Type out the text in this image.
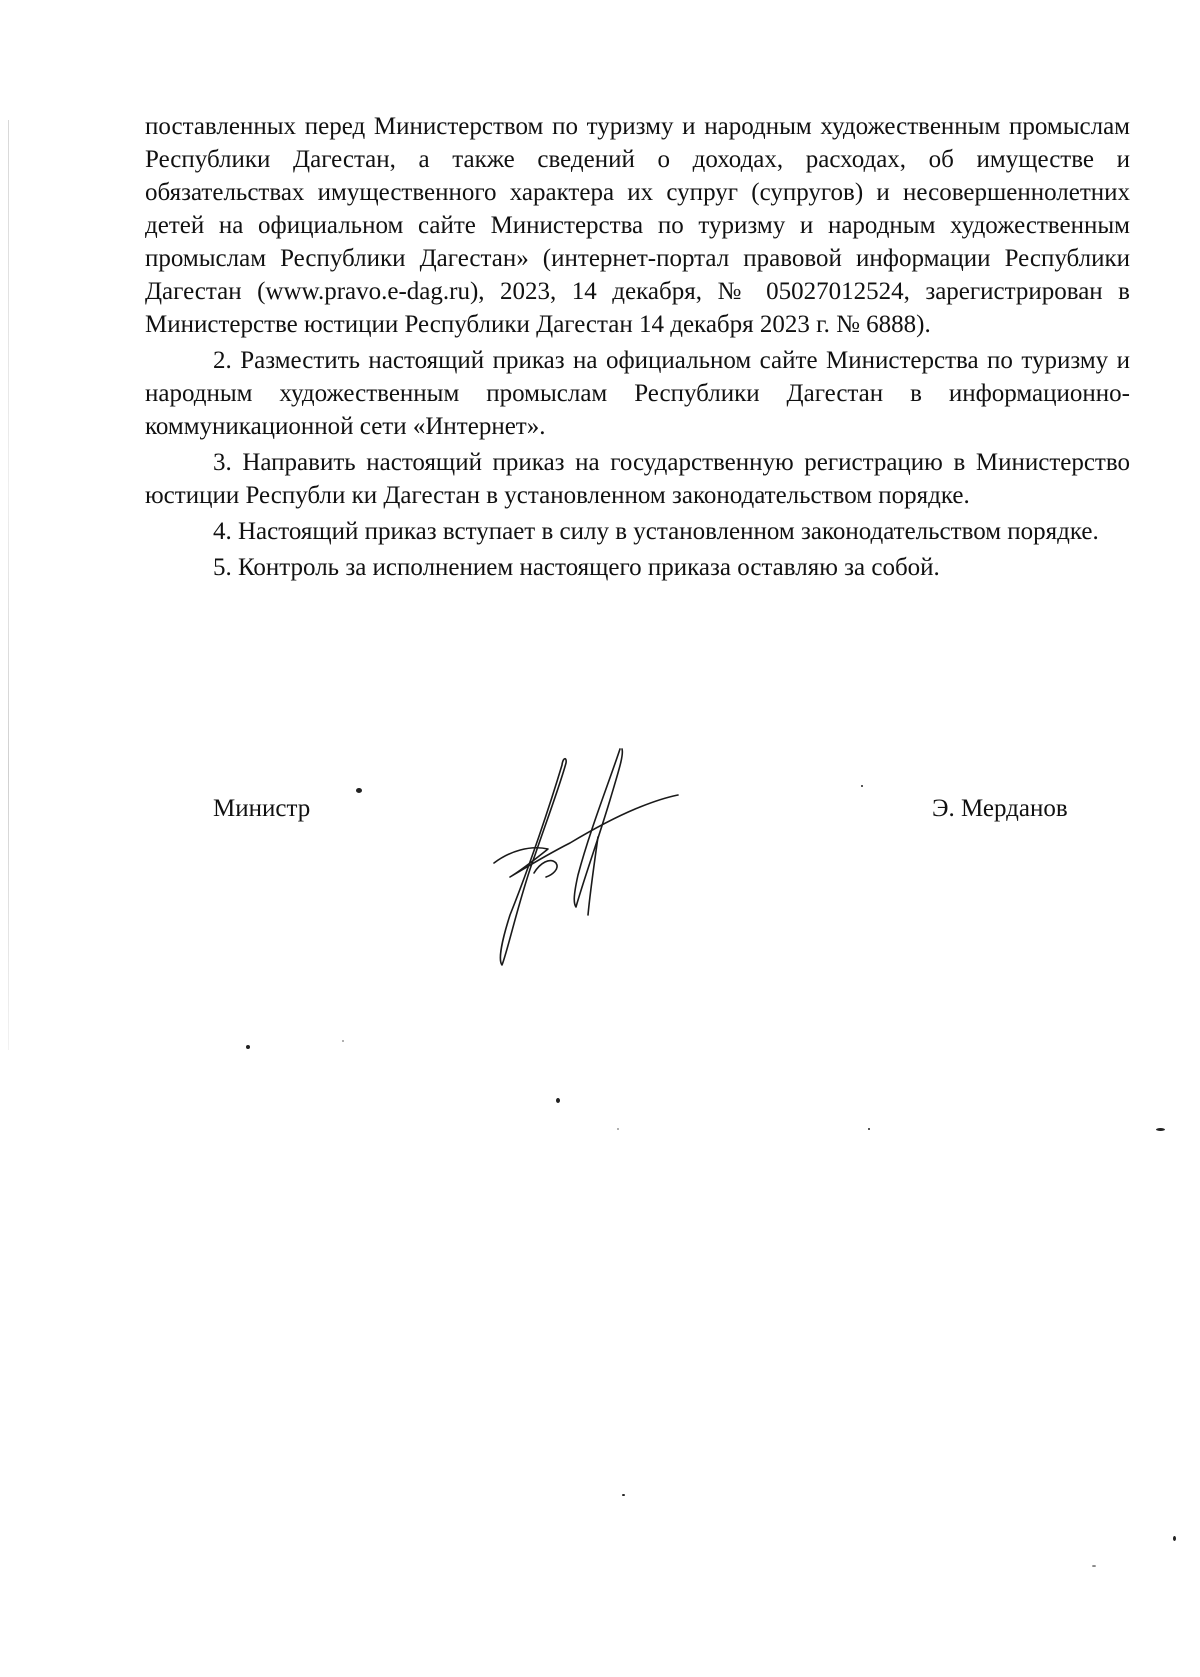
поставленных перед Министерством по туризму и народным художественным промыслам Республики Дагестан, а также сведений о доходах, расходах, об имуществе и обязательствах имущественного характера их супруг (супругов) и несовершеннолетних детей на официальном сайте Министерства по туризму и народным художественным промыслам Республики Дагестан» (интернет-портал правовой информации Республики Дагестан (www.pravo.e-dag.ru), 2023, 14 декабря, № 05027012524, зарегистрирован в Министерстве юстиции Республики Дагестан 14 декабря 2023 г. № 6888).

2. Разместить настоящий приказ на официальном сайте Министерства по туризму и народным художественным промыслам Республики Дагестан в информационно-коммуникационной сети «Интернет».

3. Направить настоящий приказ на государственную регистрацию в Министерство юстиции Республи ки Дагестан в установленном законодательством порядке.

4. Настоящий приказ вступает в силу в установленном законодательством порядке.

5. Контроль за исполнением настоящего приказа оставляю за собой.

Министр	Э. Мерданов
